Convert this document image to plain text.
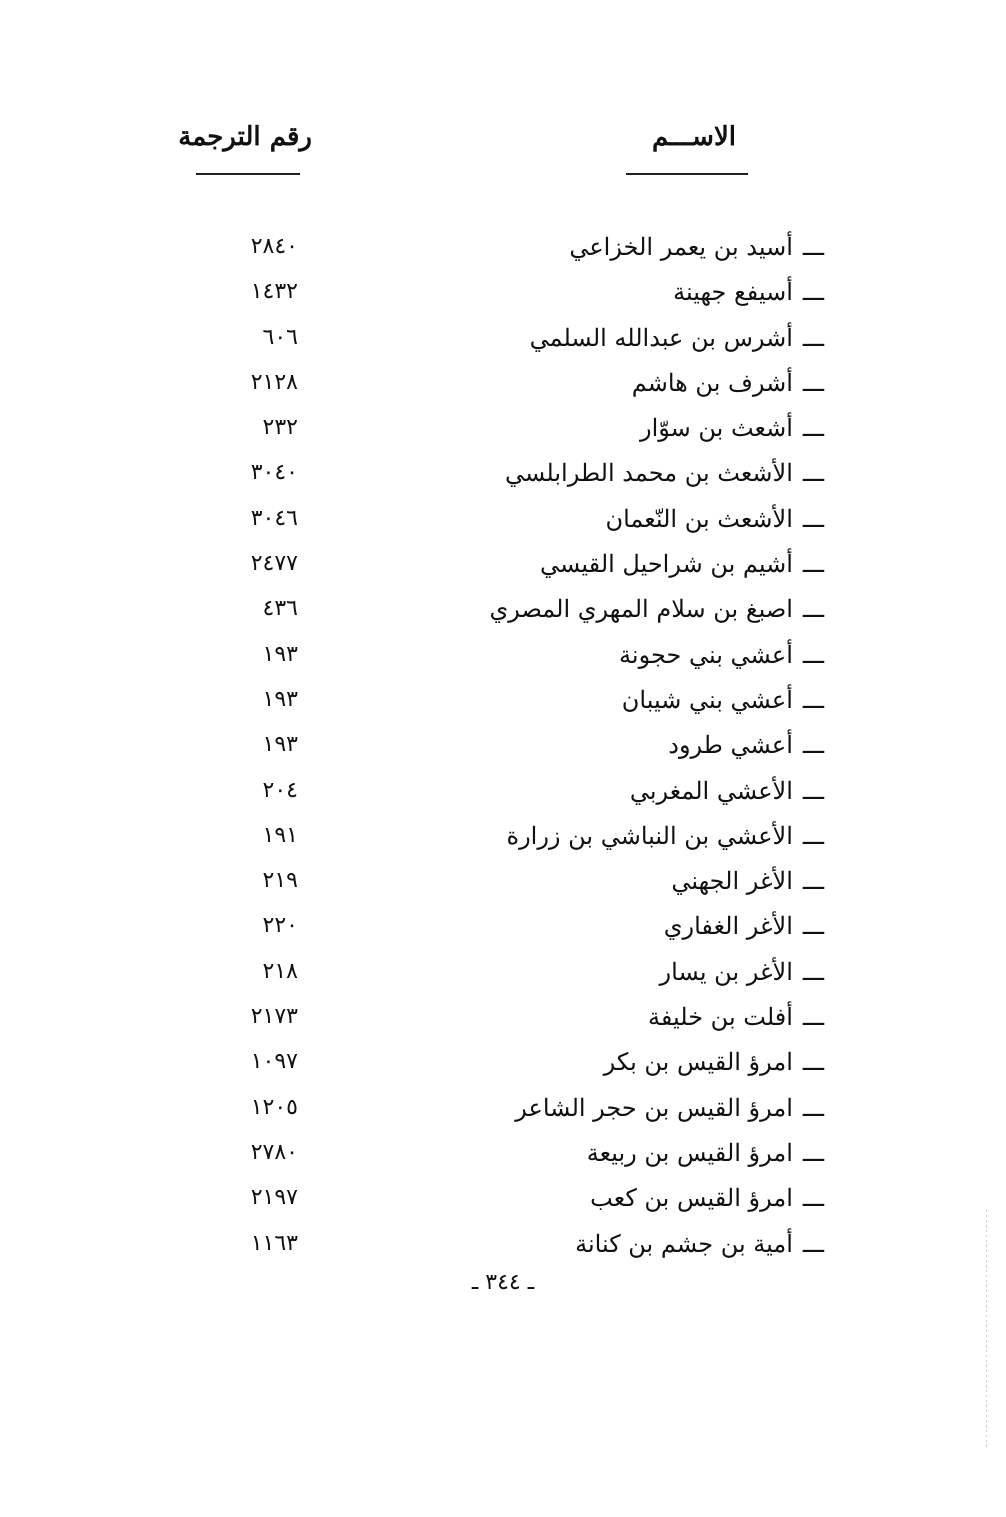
الاســـم
رقم الترجمة
ـــأسيد بن يعمر الخزاعي
٢٨٤٠
ـــأسيفع جهينة
١٤٣٢
ـــأشرس بن عبدالله السلمي
٦٠٦
ـــأشرف بن هاشم
٢١٢٨
ـــأشعث بن سوّار
٢٣٢
ـــالأشعث بن محمد الطرابلسي
٣٠٤٠
ـــالأشعث بن النّعمان
٣٠٤٦
ـــأشيم بن شراحيل القيسي
٢٤٧٧
ـــاصبغ بن سلام المهري المصري
٤٣٦
ـــأعشي بني حجونة
١٩٣
ـــأعشي بني شيبان
١٩٣
ـــأعشي طرود
١٩٣
ـــالأعشي المغربي
٢٠٤
ـــالأعشي بن النباشي بن زرارة
١٩١
ـــالأغر الجهني
٢١٩
ـــالأغر الغفاري
٢٢٠
ـــالأغر بن يسار
٢١٨
ـــأفلت بن خليفة
٢١٧٣
ـــامرؤ القيس بن بكر
١٠٩٧
ـــامرؤ القيس بن حجر الشاعر
١٢٠٥
ـــامرؤ القيس بن ربيعة
٢٧٨٠
ـــامرؤ القيس بن كعب
٢١٩٧
ـــأمية بن جشم بن كنانة
١١٦٣
ـ ٣٤٤ ـ
